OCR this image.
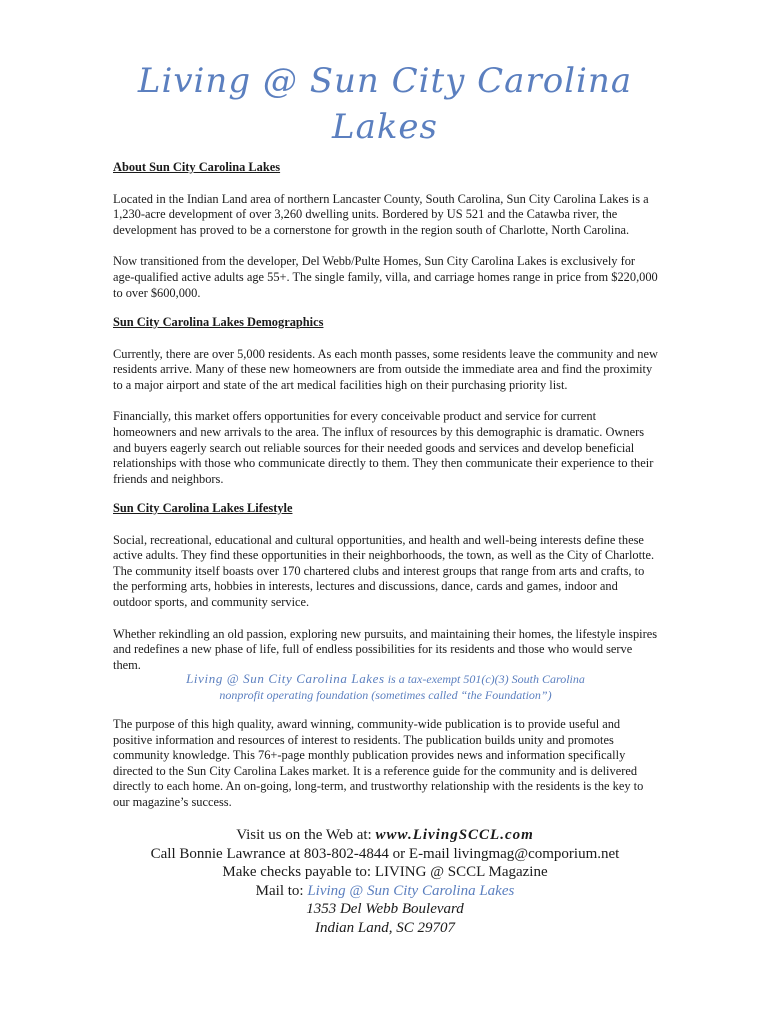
Living @ Sun City Carolina Lakes

About Sun City Carolina Lakes

Located in the Indian Land area of northern Lancaster County, South Carolina, Sun City Carolina Lakes is a 1,230-acre development of over 3,260 dwelling units. Bordered by US 521 and the Catawba river, the development has proved to be a cornerstone for growth in the region south of Charlotte, North Carolina.

Now transitioned from the developer, Del Webb/Pulte Homes, Sun City Carolina Lakes is exclusively for age-qualified active adults age 55+. The single family, villa, and carriage homes range in price from $220,000 to over $600,000.

Sun City Carolina Lakes Demographics

Currently, there are over 5,000 residents. As each month passes, some residents leave the community and new residents arrive. Many of these new homeowners are from outside the immediate area and find the proximity to a major airport and state of the art medical facilities high on their purchasing priority list.

Financially, this market offers opportunities for every conceivable product and service for current homeowners and new arrivals to the area. The influx of resources by this demographic is dramatic. Owners and buyers eagerly search out reliable sources for their needed goods and services and develop beneficial relationships with those who communicate directly to them. They then communicate their experience to their friends and neighbors.

Sun City Carolina Lakes Lifestyle

Social, recreational, educational and cultural opportunities, and health and well-being interests define these active adults. They find these opportunities in their neighborhoods, the town, as well as the City of Charlotte. The community itself boasts over 170 chartered clubs and interest groups that range from arts and crafts, to the performing arts, hobbies in interests, lectures and discussions, dance, cards and games, indoor and outdoor sports, and community service.

Whether rekindling an old passion, exploring new pursuits, and maintaining their homes, the lifestyle inspires and redefines a new phase of life, full of endless possibilities for its residents and those who would serve them.

Living @ Sun City Carolina Lakes is a tax-exempt 501(c)(3) South Carolina
nonprofit operating foundation (sometimes called “the Foundation”)

The purpose of this high quality, award winning, community-wide publication is to provide useful and positive information and resources of interest to residents. The publication builds unity and promotes community knowledge. This 76+-page monthly publication provides news and information specifically directed to the Sun City Carolina Lakes market. It is a reference guide for the community and is delivered directly to each home. An on-going, long-term, and trustworthy relationship with the residents is the key to our magazine’s success.

Visit us on the Web at: www.LivingSCCL.com
Call Bonnie Lawrance at 803-802-4844 or E-mail livingmag@comporium.net
Make checks payable to: LIVING @ SCCL Magazine
Mail to: Living @ Sun City Carolina Lakes
1353 Del Webb Boulevard
Indian Land, SC 29707
